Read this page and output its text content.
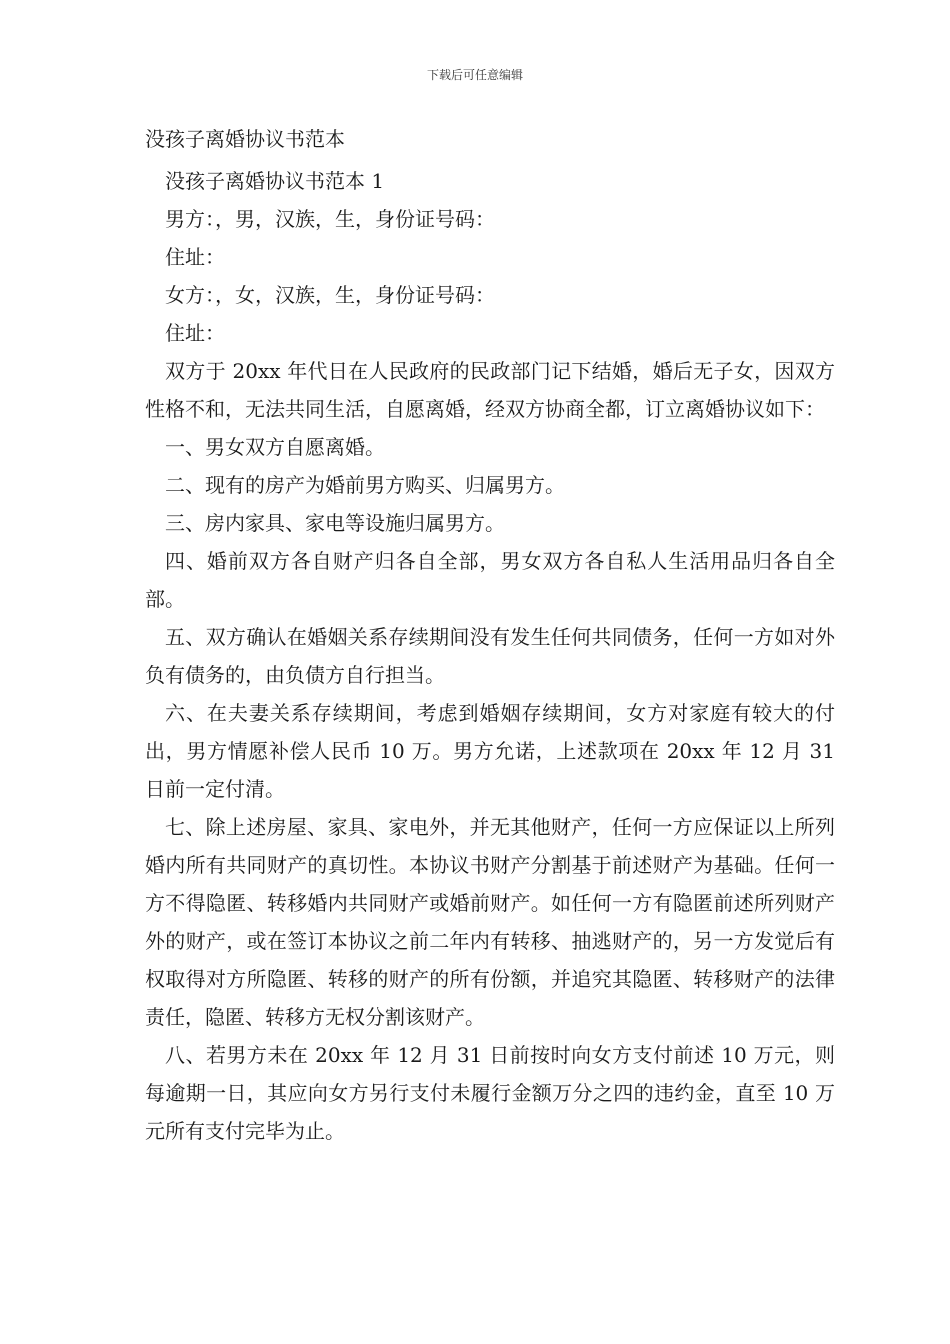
下载后可任意编辑

没孩子离婚协议书范本

没孩子离婚协议书范本 1

男方：，男，汉族，生，身份证号码：

住址：

女方：，女，汉族，生，身份证号码：

住址：

双方于 20xx 年代日在人民政府的民政部门记下结婚，婚后无子女，因双方性格不和，无法共同生活，自愿离婚，经双方协商全都，订立离婚协议如下：

一、男女双方自愿离婚。

二、现有的房产为婚前男方购买、归属男方。

三、房内家具、家电等设施归属男方。

四、婚前双方各自财产归各自全部，男女双方各自私人生活用品归各自全部。

五、双方确认在婚姻关系存续期间没有发生任何共同债务，任何一方如对外负有债务的，由负债方自行担当。

六、在夫妻关系存续期间，考虑到婚姻存续期间，女方对家庭有较大的付出，男方情愿补偿人民币 10 万。男方允诺，上述款项在 20xx 年 12 月 31 日前一定付清。

七、除上述房屋、家具、家电外，并无其他财产，任何一方应保证以上所列婚内所有共同财产的真切性。本协议书财产分割基于前述财产为基础。任何一方不得隐匿、转移婚内共同财产或婚前财产。如任何一方有隐匿前述所列财产外的财产，或在签订本协议之前二年内有转移、抽逃财产的，另一方发觉后有权取得对方所隐匿、转移的财产的所有份额，并追究其隐匿、转移财产的法律责任，隐匿、转移方无权分割该财产。

八、若男方未在 20xx 年 12 月 31 日前按时向女方支付前述 10 万元，则每逾期一日，其应向女方另行支付未履行金额万分之四的违约金，直至 10 万元所有支付完毕为止。
